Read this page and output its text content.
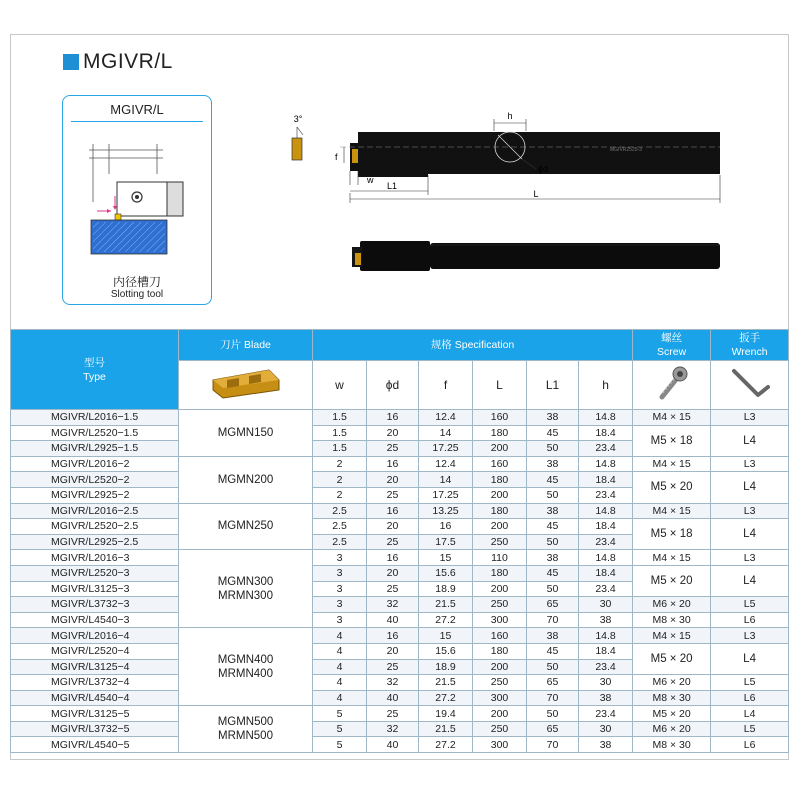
MGIVR/L
MGIVR/L
内径槽刀
Slotting tool
3°
MGIVR2525-3
h
ϕd
f
w
L1
L
型号
Type	刀片 Blade	规格 Specification						螺丝
Screw	扳手
Wrench
	w	ϕd	f	L	L1	h		
MGIVR/L2016−1.5	MGMN150	1.5	16	12.4	160	38	14.8	M4 × 15	L3
MGIVR/L2520−1.5		1.5	20	14	180	45	18.4	M5 × 18	L4
MGIVR/L2925−1.5		1.5	25	17.25	200	50	23.4		
MGIVR/L2016−2	MGMN200	2	16	12.4	160	38	14.8	M4 × 15	L3
MGIVR/L2520−2		2	20	14	180	45	18.4	M5 × 20	L4
MGIVR/L2925−2		2	25	17.25	200	50	23.4		
MGIVR/L2016−2.5	MGMN250	2.5	16	13.25	180	38	14.8	M4 × 15	L3
MGIVR/L2520−2.5		2.5	20	16	200	45	18.4	M5 × 18	L4
MGIVR/L2925−2.5		2.5	25	17.5	250	50	23.4		
MGIVR/L2016−3	MGMN300
MRMN300	3	16	15	110	38	14.8	M4 × 15	L3
MGIVR/L2520−3		3	20	15.6	180	45	18.4	M5 × 20	L4
MGIVR/L3125−3		3	25	18.9	200	50	23.4		
MGIVR/L3732−3		3	32	21.5	250	65	30	M6 × 20	L5
MGIVR/L4540−3		3	40	27.2	300	70	38	M8 × 30	L6
MGIVR/L2016−4	MGMN400
MRMN400	4	16	15	160	38	14.8	M4 × 15	L3
MGIVR/L2520−4		4	20	15.6	180	45	18.4	M5 × 20	L4
MGIVR/L3125−4		4	25	18.9	200	50	23.4		
MGIVR/L3732−4		4	32	21.5	250	65	30	M6 × 20	L5
MGIVR/L4540−4		4	40	27.2	300	70	38	M8 × 30	L6
MGIVR/L3125−5	MGMN500
MRMN500	5	25	19.4	200	50	23.4	M5 × 20	L4
MGIVR/L3732−5		5	32	21.5	250	65	30	M6 × 20	L5
MGIVR/L4540−5		5	40	27.2	300	70	38	M8 × 30	L6
